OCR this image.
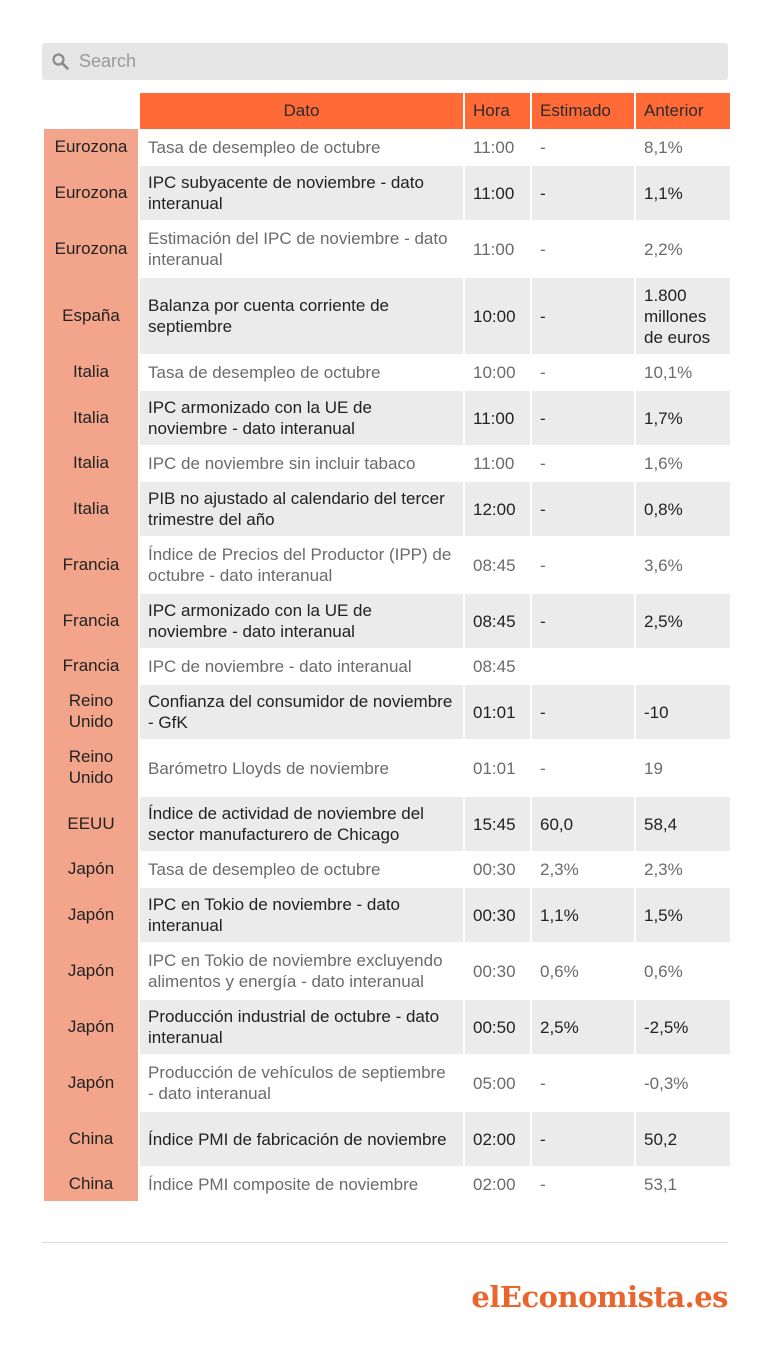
Search
	Dato	Hora	Estimado	Anterior
Eurozona	Tasa de desempleo de octubre	11:00	-	8,1%
Eurozona	IPC subyacente de noviembre - dato interanual	11:00	-	1,1%
Eurozona	Estimación del IPC de noviembre - dato interanual	11:00	-	2,2%
España	Balanza por cuenta corriente de septiembre	10:00	-	1.800 millones de euros
Italia	Tasa de desempleo de octubre	10:00	-	10,1%
Italia	IPC armonizado con la UE de noviembre - dato interanual	11:00	-	1,7%
Italia	IPC de noviembre sin incluir tabaco	11:00	-	1,6%
Italia	PIB no ajustado al calendario del tercer trimestre del año	12:00	-	0,8%
Francia	Índice de Precios del Productor (IPP) de octubre - dato interanual	08:45	-	3,6%
Francia	IPC armonizado con la UE de noviembre - dato interanual	08:45	-	2,5%
Francia	IPC de noviembre - dato interanual	08:45		
Reino Unido	Confianza del consumidor de noviembre - GfK	01:01	-	-10
Reino Unido	Barómetro Lloyds de noviembre	01:01	-	19
EEUU	Índice de actividad de noviembre del sector manufacturero de Chicago	15:45	60,0	58,4
Japón	Tasa de desempleo de octubre	00:30	2,3%	2,3%
Japón	IPC en Tokio de noviembre - dato interanual	00:30	1,1%	1,5%
Japón	IPC en Tokio de noviembre excluyendo alimentos y energía - dato interanual	00:30	0,6%	0,6%
Japón	Producción industrial de octubre - dato interanual	00:50	2,5%	-2,5%
Japón	Producción de vehículos de septiembre - dato interanual	05:00	-	-0,3%
China	Índice PMI de fabricación de noviembre	02:00	-	50,2
China	Índice PMI composite de noviembre	02:00	-	53,1
elEconomista.es
